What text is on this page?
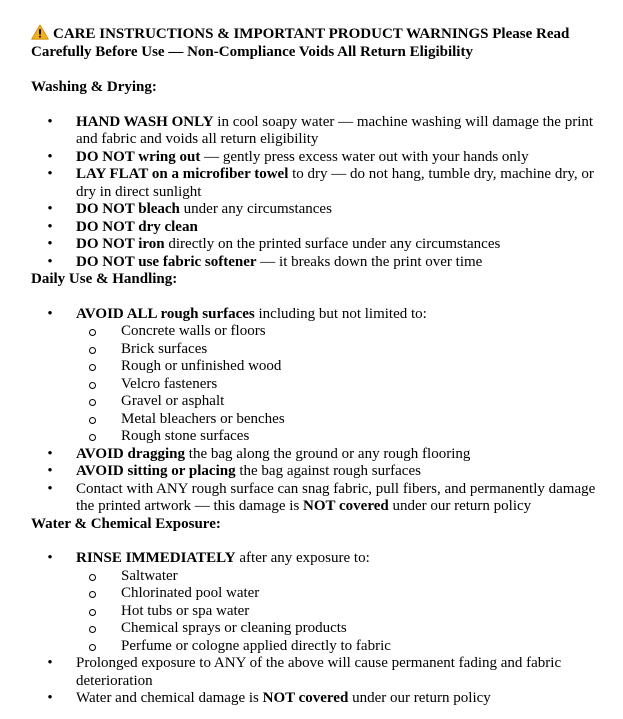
CARE INSTRUCTIONS & IMPORTANT PRODUCT WARNINGS Please Read Carefully Before Use — Non-Compliance Voids All Return Eligibility

Washing & Drying:

• HAND WASH ONLY in cool soapy water — machine washing will damage the print and fabric and voids all return eligibility
• DO NOT wring out — gently press excess water out with your hands only
• LAY FLAT on a microfiber towel to dry — do not hang, tumble dry, machine dry, or dry in direct sunlight
• DO NOT bleach under any circumstances
• DO NOT dry clean
• DO NOT iron directly on the printed surface under any circumstances
• DO NOT use fabric softener — it breaks down the print over time

Daily Use & Handling:

• AVOID ALL rough surfaces including but not limited to:
Concrete walls or floors
Brick surfaces
Rough or unfinished wood
Velcro fasteners
Gravel or asphalt
Metal bleachers or benches
Rough stone surfaces
• AVOID dragging the bag along the ground or any rough flooring
• AVOID sitting or placing the bag against rough surfaces
• Contact with ANY rough surface can snag fabric, pull fibers, and permanently damage the printed artwork — this damage is NOT covered under our return policy

Water & Chemical Exposure:

• RINSE IMMEDIATELY after any exposure to:
Saltwater
Chlorinated pool water
Hot tubs or spa water
Chemical sprays or cleaning products
Perfume or cologne applied directly to fabric
• Prolonged exposure to ANY of the above will cause permanent fading and fabric deterioration
• Water and chemical damage is NOT covered under our return policy
